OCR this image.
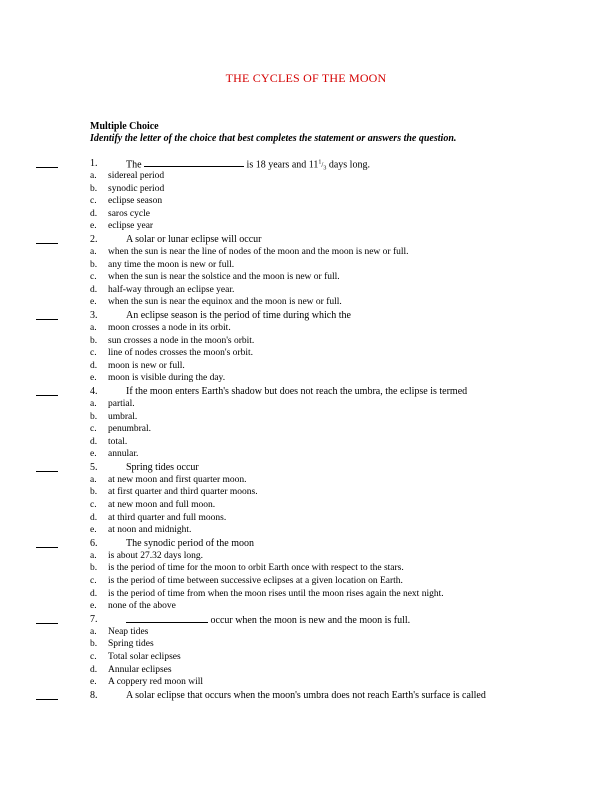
THE CYCLES OF THE MOON
Multiple Choice
Identify the letter of the choice that best completes the statement or answers the question.
1.	The	is 18 years and $11^1/_3$ days long.
a. sidereal period
b. synodic period
c. eclipse season
d. saros cycle
e. eclipse year
2.	A solar or lunar eclipse will occur
a. when the sun is near the line of nodes of the moon and the moon is new or full.
b. any time the moon is new or full.
c. when the sun is near the solstice and the moon is new or full.
d. half-way through an eclipse year.
e. when the sun is near the equinox and the moon is new or full.
3.	An eclipse season is the period of time during which the
a. moon crosses a node in its orbit.
b. sun crosses a node in the moon's orbit.
c. line of nodes crosses the moon's orbit.
d. moon is new or full.
e. moon is visible during the day.
4.	If the moon enters Earth's shadow but does not reach the umbra, the eclipse is termed
a. partial.
b. umbral.
c. penumbral.
d. total.
e. annular.
5.	Spring tides occur
a. at new moon and first quarter moon.
b. at first quarter and third quarter moons.
c. at new moon and full moon.
d. at third quarter and full moons.
e. at noon and midnight.
6.	The synodic period of the moon
a. is about 27.32 days long.
b. is the period of time for the moon to orbit Earth once with respect to the stars.
c. is the period of time between successive eclipses at a given location on Earth.
d. is the period of time from when the moon rises until the moon rises again the next night.
e. none of the above
7.	occur when the moon is new and the moon is full.
a. Neap tides
b. Spring tides
c. Total solar eclipses
d. Annular eclipses
e. A coppery red moon will
8.	A solar eclipse that occurs when the moon's umbra does not reach Earth's surface is called
